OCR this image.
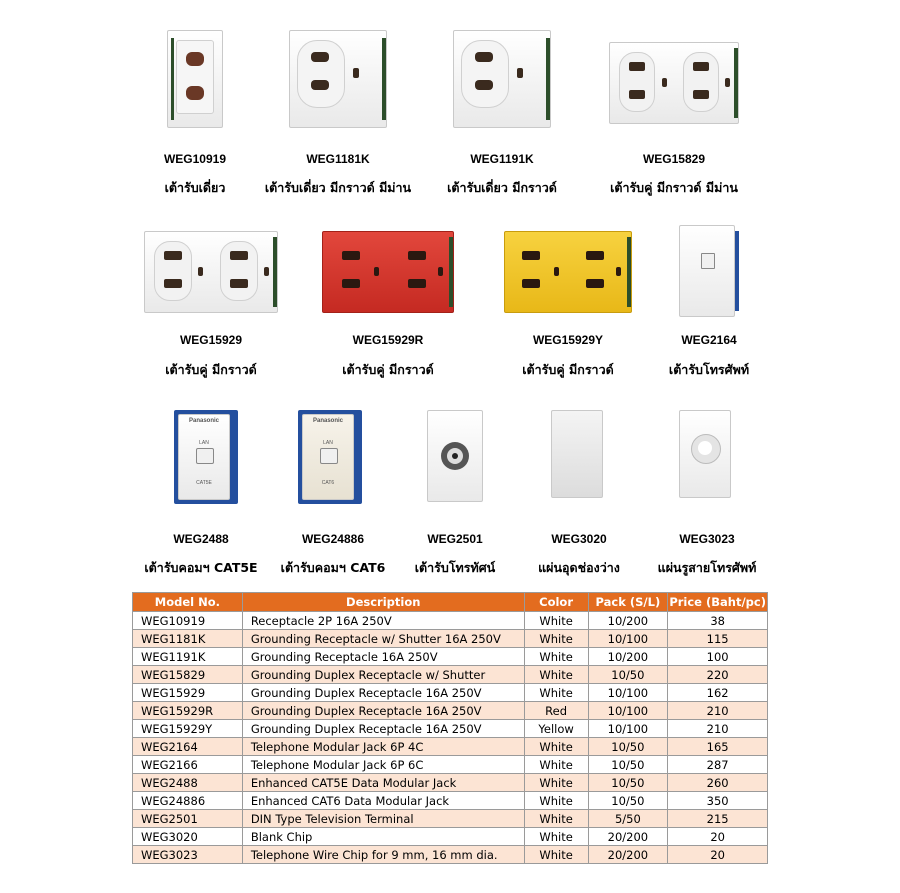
WEG10919
เต้ารับเดี่ยว
WEG1181K
เต้ารับเดี่ยว มีกราวด์ มีม่าน
WEG1191K
เต้ารับเดี่ยว มีกราวด์
WEG15829
เต้ารับคู่ มีกราวด์ มีม่าน
WEG15929
เต้ารับคู่ มีกราวด์
WEG15929R
เต้ารับคู่ มีกราวด์
WEG15929Y
เต้ารับคู่ มีกราวด์
WEG2164
เต้ารับโทรศัพท์
Panasonic
LAN
CAT5E
WEG2488
เต้ารับคอมฯ CAT5E
Panasonic
LAN
CAT6
WEG24886
เต้ารับคอมฯ CAT6
WEG2501
เต้ารับโทรทัศน์
WEG3020
แผ่นอุดช่องว่าง
WEG3023
แผ่นรูสายโทรศัพท์
Model No.	Description	Color	Pack (S/L)	Price (Baht/pc)
WEG10919	Receptacle 2P 16A 250V	White	10/200	38
WEG1181K	Grounding Receptacle w/ Shutter 16A 250V	White	10/100	115
WEG1191K	Grounding Receptacle 16A 250V	White	10/200	100
WEG15829	Grounding Duplex Receptacle w/ Shutter	White	10/50	220
WEG15929	Grounding Duplex Receptacle 16A 250V	White	10/100	162
WEG15929R	Grounding Duplex Receptacle 16A 250V	Red	10/100	210
WEG15929Y	Grounding Duplex Receptacle 16A 250V	Yellow	10/100	210
WEG2164	Telephone Modular Jack 6P 4C	White	10/50	165
WEG2166	Telephone Modular Jack 6P 6C	White	10/50	287
WEG2488	Enhanced CAT5E Data Modular Jack	White	10/50	260
WEG24886	Enhanced CAT6 Data Modular Jack	White	10/50	350
WEG2501	DIN Type Television Terminal	White	5/50	215
WEG3020	Blank Chip	White	20/200	20
WEG3023	Telephone Wire Chip for 9 mm, 16 mm dia.	White	20/200	20
